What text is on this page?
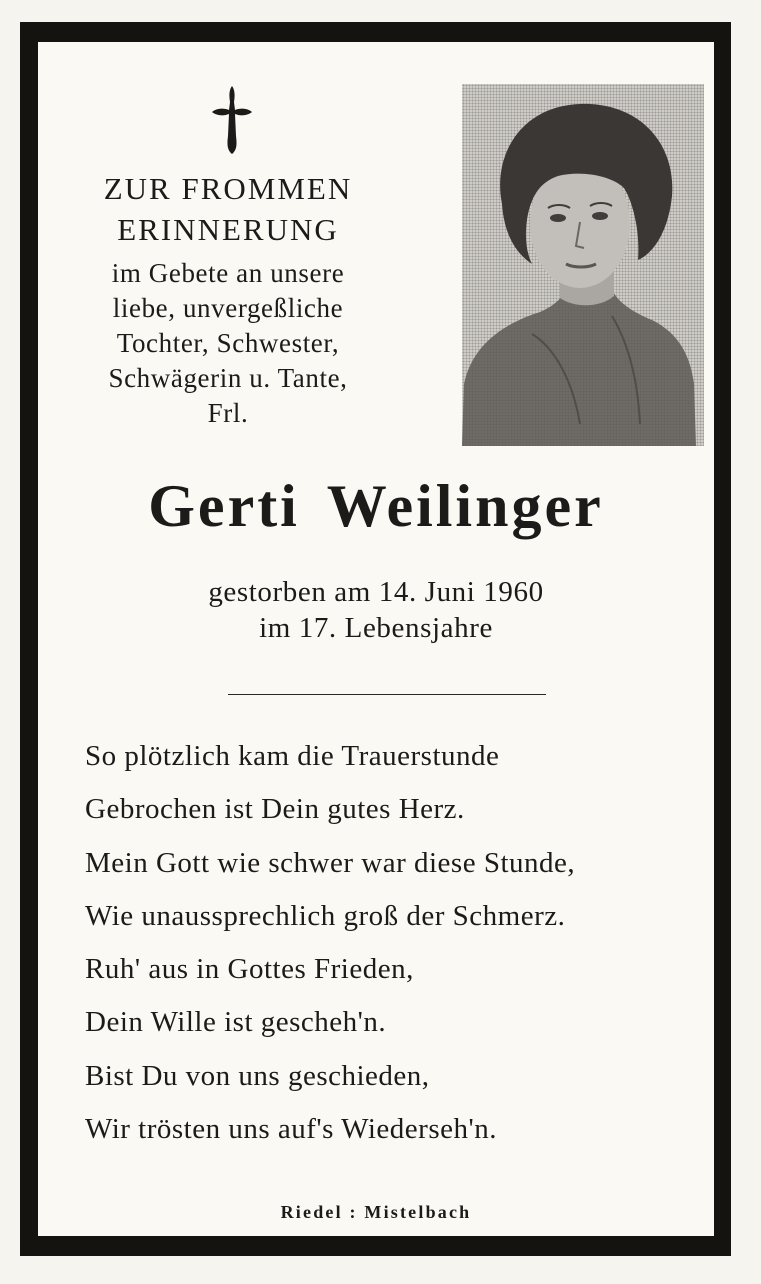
ZUR FROMMEN
ERINNERUNG
im Gebete an unsere
liebe, unvergeßliche
Tochter, Schwester,
Schwägerin u. Tante,
Frl.
Gerti Weilinger
gestorben am 14. Juni 1960
im 17. Lebensjahre
So plötzlich kam die Trauerstunde
Gebrochen ist Dein gutes Herz.
Mein Gott wie schwer war diese Stunde,
Wie unaussprechlich groß der Schmerz.
Ruh' aus in Gottes Frieden,
Dein Wille ist gescheh'n.
Bist Du von uns geschieden,
Wir trösten uns auf's Wiederseh'n.
Riedel : Mistelbach
